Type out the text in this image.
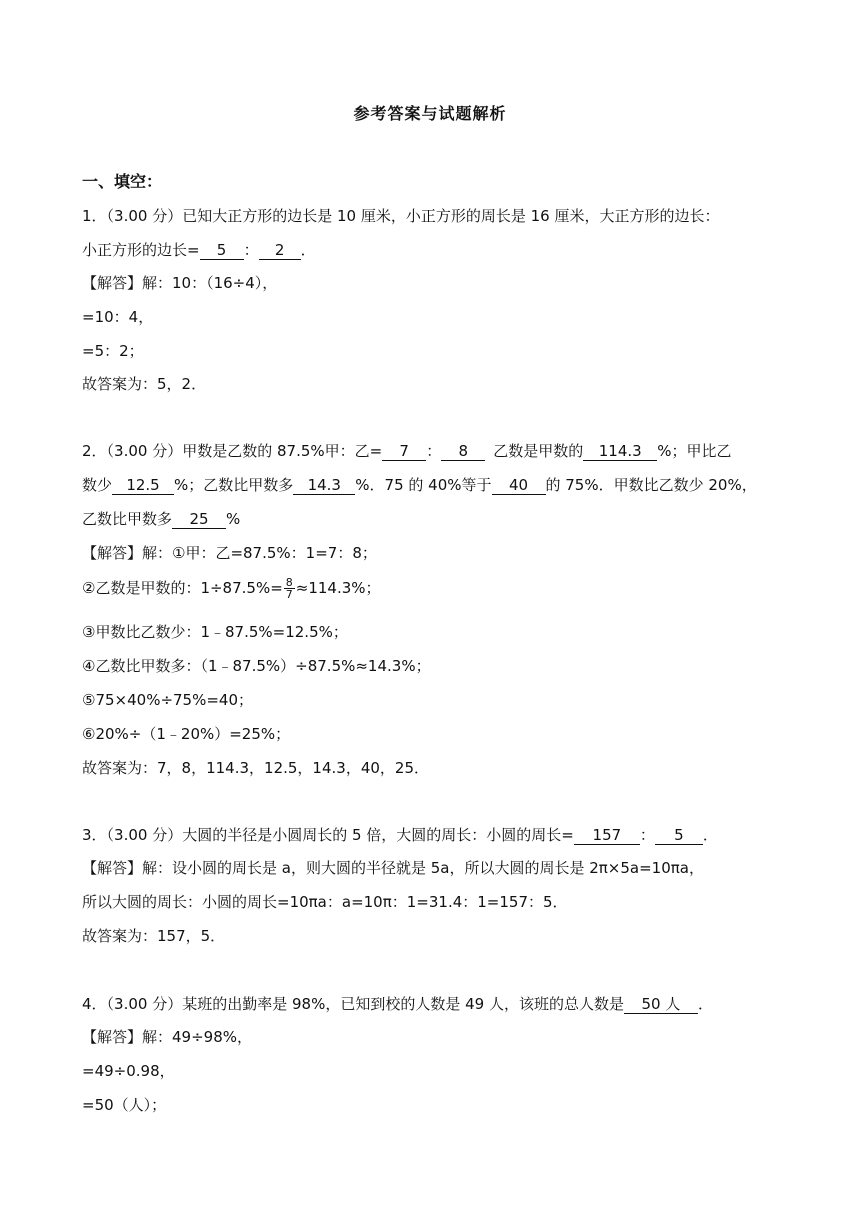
参考答案与试题解析
一、填空：
1．（3.00 分）已知大正方形的边长是 10 厘米，小正方形的周长是 16 厘米，大正方形的边长：
小正方形的边长= 5 ： 2 ．
【解答】解：10：（16÷4），
=10：4，
=5：2；
故答案为：5，2．
2．（3.00 分）甲数是乙数的 87.5%甲：乙= 7 ： 8 乙数是甲数的 114.3 %；甲比乙
数少 12.5 %；乙数比甲数多 14.3 %．75 的 40%等于 40 的 75%．甲数比乙数少 20%，
乙数比甲数多 25 %
【解答】解：①甲：乙=87.5%：1=7：8；
②乙数是甲数的：$1\div 87.5\%= \frac{8}{7} \approx 114.3\%$；
③甲数比乙数少：1﹣87.5%=12.5%；
④乙数比甲数多：（1﹣87.5%）÷87.5%≈14.3%；
⑤75×40%÷75%=40；
⑥20%÷（1﹣20%）=25%；
故答案为：7，8，114.3，12.5，14.3，40，25．
3．（3.00 分）大圆的半径是小圆周长的 5 倍，大圆的周长：小圆的周长= 157 ： 5 ．
【解答】解：设小圆的周长是 a，则大圆的半径就是 5a，所以大圆的周长是 2π×5a=10πa，
所以大圆的周长：小圆的周长=10πa：a=10π：1=31.4：1=157：5．
故答案为：157，5．
4．（3.00 分）某班的出勤率是 98%，已知到校的人数是 49 人，该班的总人数是 50 人 ．
【解答】解：49÷98%，
=49÷0.98，
=50（人）；
